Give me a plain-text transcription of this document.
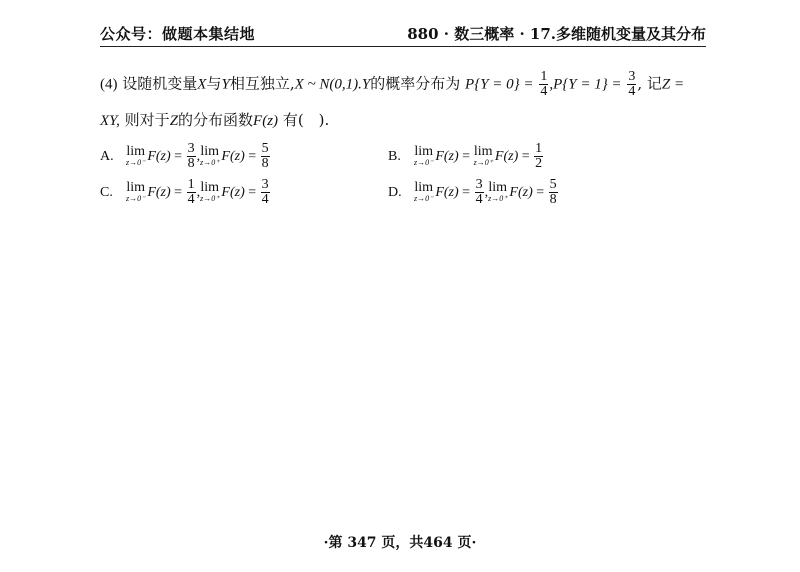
公众号：做题本集结地	880 · 数三概率 · 17.多维随机变量及其分布
(4) 设随机变量X与Y相互独立,X ~ N(0,1).Y的概率分布为 $P\{Y = 0\} = \frac{1}{4} ,P\{Y = 1\} = \frac{3}{4}$ , 记Z =
XY, 则对于Z的分布函数F(z) 有(　).
A. lim
z→0⁻ F(z)
=
$\frac{3}{8}$ , lim
z→0⁺ F(z)
=
$\frac{5}{8}$	B. lim
z→0⁻ F(z)
=
lim
z→0⁺ F(z)
=
$\frac{1}{2}$
C. lim
z→0⁻ F(z)
=
$\frac{1}{4}$ , lim
z→0⁺ F(z)
=
$\frac{3}{4}$	D. lim
z→0⁻ F(z)
=
$\frac{3}{4}$ , lim
z→0⁺ F(z)
=
$\frac{5}{8}$
·第 347 页，共464 页·
